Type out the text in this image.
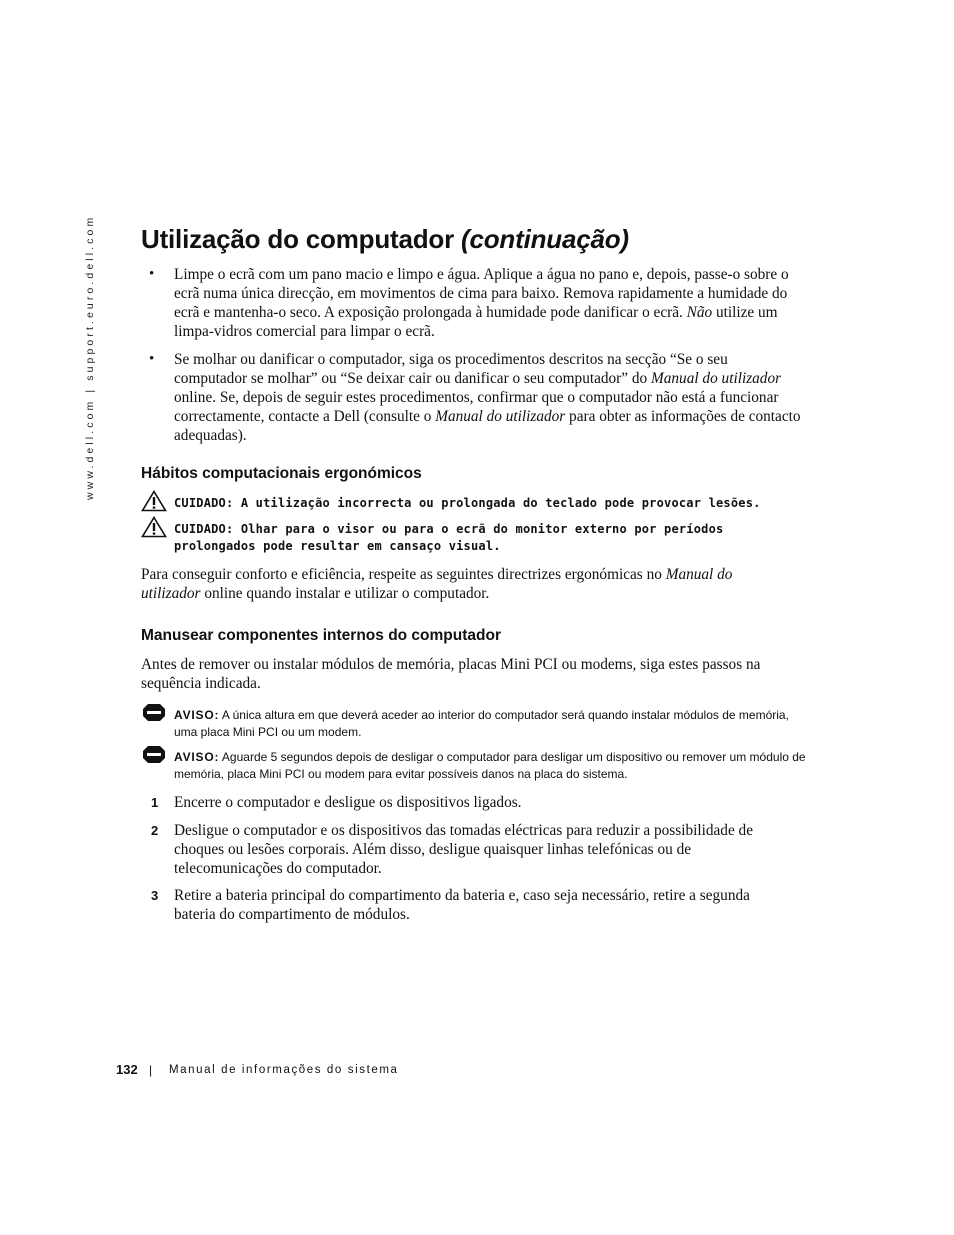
www.dell.com | support.euro.dell.com Utilização do computador (continuação)
• Limpe o ecrã com um pano macio e limpo e água. Aplique a água no pano e, depois, passe-o sobre o ecrã numa única direcção, em movimentos de cima para baixo. Remova rapidamente a humidade do ecrã e mantenha-o seco. A exposição prolongada à humidade pode danificar o ecrã. Não utilize um limpa-vidros comercial para limpar o ecrã.

• Se molhar ou danificar o computador, siga os procedimentos descritos na secção “Se o seu computador se molhar” ou “Se deixar cair ou danificar o seu computador” do Manual do utilizador online. Se, depois de seguir estes procedimentos, confirmar que o computador não está a funcionar correctamente, contacte a Dell (consulte o Manual do utilizador para obter as informações de contacto adequadas).

Hábitos computacionais ergonómicos
CUIDADO: A utilização incorrecta ou prolongada do teclado pode provocar lesões.
CUIDADO: Olhar para o visor ou para o ecrã do monitor externo por períodos prolongados pode resultar em cansaço visual.

Para conseguir conforto e eficiência, respeite as seguintes directrizes ergonómicas no Manual do utilizador online quando instalar e utilizar o computador.

Manusear componentes internos do computador

Antes de remover ou instalar módulos de memória, placas Mini PCI ou modems, siga estes passos na sequência indicada.

AVISO: A única altura em que deverá aceder ao interior do computador será quando instalar módulos de memória, uma placa Mini PCI ou um modem.
AVISO: Aguarde 5 segundos depois de desligar o computador para desligar um dispositivo ou remover um módulo de memória, placa Mini PCI ou modem para evitar possíveis danos na placa do sistema.
1 Encerre o computador e desligue os dispositivos ligados.

2 Desligue o computador e os dispositivos das tomadas eléctricas para reduzir a possibilidade de choques ou lesões corporais. Além disso, desligue quaisquer linhas telefónicas ou de telecomunicações do computador.

3 Retire a bateria principal do compartimento da bateria e, caso seja necessário, retire a segunda bateria do compartimento de módulos.

132 | Manual de informações do sistema
